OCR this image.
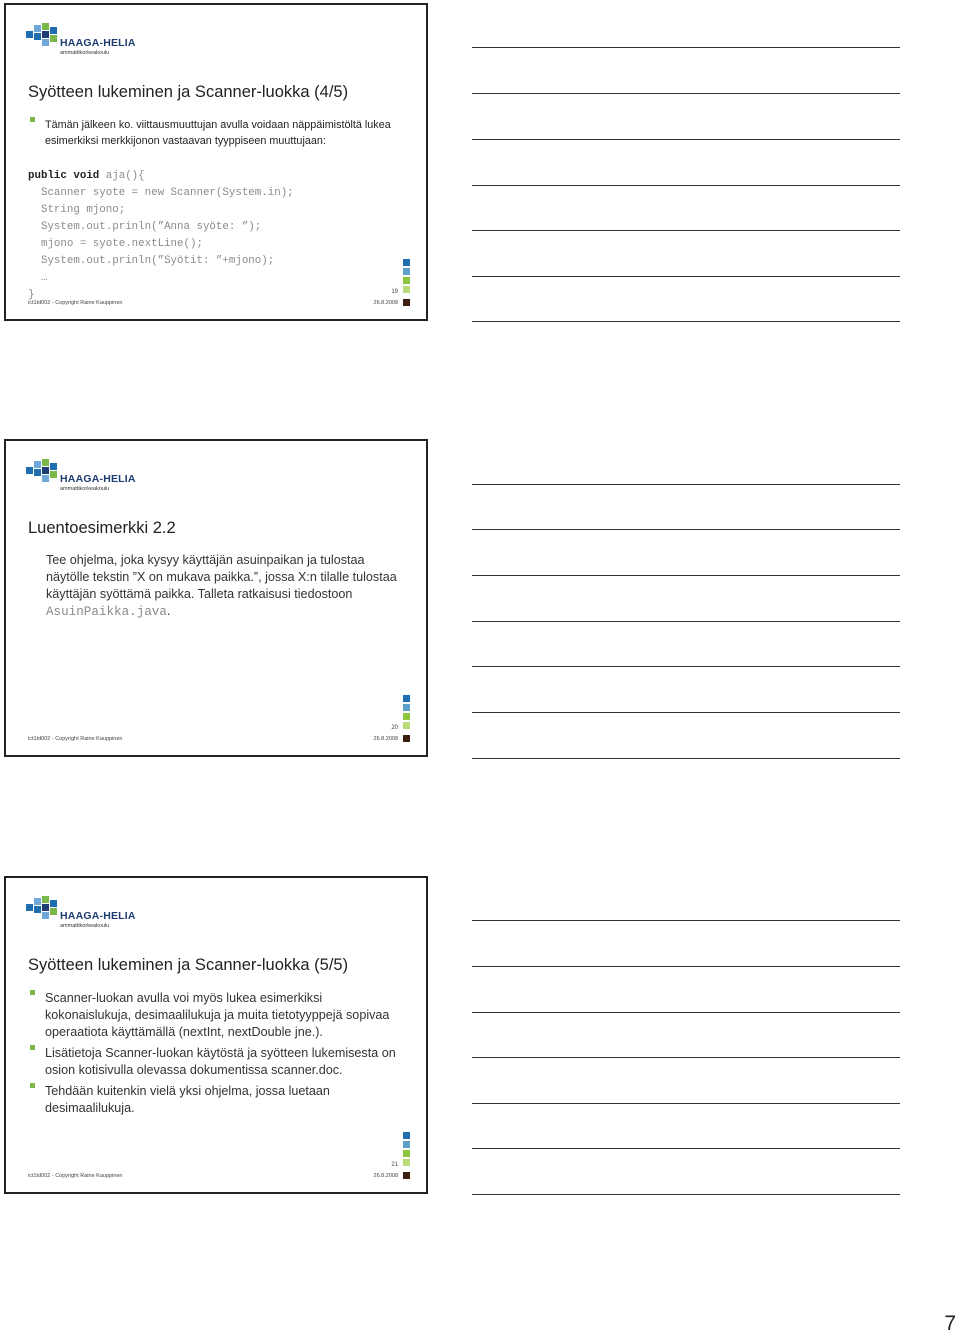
HAAGA-HELIA
ammattikorkeakoulu
Syötteen lukeminen ja Scanner-luokka (4/5)
Tämän jälkeen ko. viittausmuuttujan avulla voidaan näppäimistöltä lukea esimerkiksi merkkijonon vastaavan tyyppiseen muuttujaan:

public void aja(){
Scanner syote = new Scanner(System.in);
String mjono;
System.out.prinln(”Anna syöte: ”);
mjono = syote.nextLine();
System.out.prinln(”Syötit: ”+mjono);
…
}	19
ict1td002 - Copyright Raine Kauppinen	26.8.2008
HAAGA-HELIA
ammattikorkeakoulu
Luentoesimerkki 2.2
Tee ohjelma, joka kysyy käyttäjän asuinpaikan ja tulostaa näytölle tekstin ”X on mukava paikka.”, jossa X:n tilalle tulostaa käyttäjän syöttämä paikka. Talleta ratkaisusi tiedostoon AsuinPaikka.java.
20
ict1td002 - Copyright Raine Kauppinen	26.8.2008
HAAGA-HELIA
ammattikorkeakoulu
Syötteen lukeminen ja Scanner-luokka (5/5)
Scanner-luokan avulla voi myös lukea esimerkiksi kokonaislukuja, desimaalilukuja ja muita tietotyyppejä sopivaa operaatiota käyttämällä (nextInt, nextDouble jne.).
Lisätietoja Scanner-luokan käytöstä ja syötteen lukemisesta on osion kotisivulla olevassa dokumentissa scanner.doc.
Tehdään kuitenkin vielä yksi ohjelma, jossa luetaan desimaalilukuja.
21
ict1td002 - Copyright Raine Kauppinen	26.8.2008
7
